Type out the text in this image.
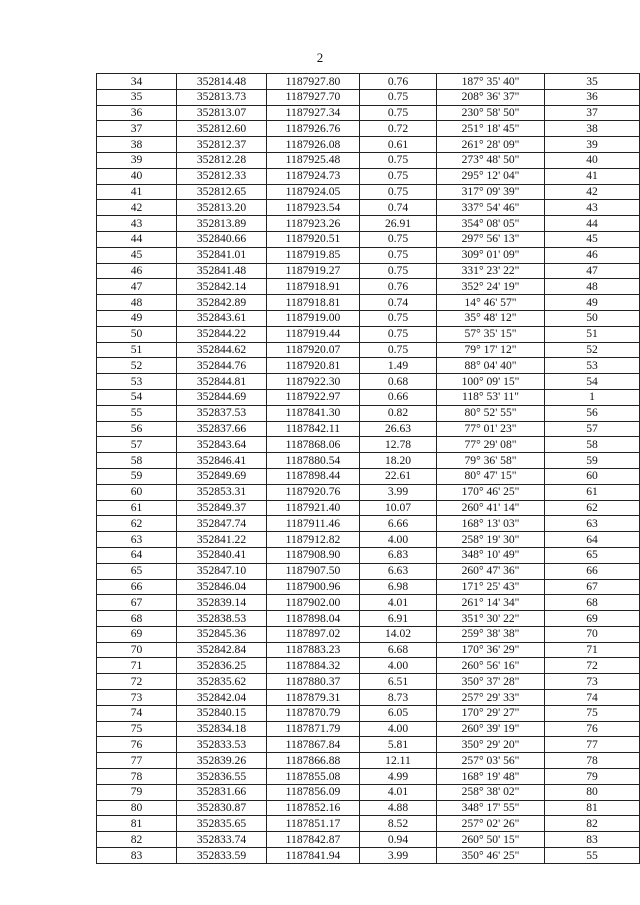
2
34	352814.48	1187927.80	0.76	187° 35' 40"	35
35	352813.73	1187927.70	0.75	208° 36' 37"	36
36	352813.07	1187927.34	0.75	230° 58' 50"	37
37	352812.60	1187926.76	0.72	251° 18' 45"	38
38	352812.37	1187926.08	0.61	261° 28' 09"	39
39	352812.28	1187925.48	0.75	273° 48' 50"	40
40	352812.33	1187924.73	0.75	295° 12' 04"	41
41	352812.65	1187924.05	0.75	317° 09' 39"	42
42	352813.20	1187923.54	0.74	337° 54' 46"	43
43	352813.89	1187923.26	26.91	354° 08' 05"	44
44	352840.66	1187920.51	0.75	297° 56' 13"	45
45	352841.01	1187919.85	0.75	309° 01' 09"	46
46	352841.48	1187919.27	0.75	331° 23' 22"	47
47	352842.14	1187918.91	0.76	352° 24' 19"	48
48	352842.89	1187918.81	0.74	14° 46' 57"	49
49	352843.61	1187919.00	0.75	35° 48' 12"	50
50	352844.22	1187919.44	0.75	57° 35' 15"	51
51	352844.62	1187920.07	0.75	79° 17' 12"	52
52	352844.76	1187920.81	1.49	88° 04' 40"	53
53	352844.81	1187922.30	0.68	100° 09' 15"	54
54	352844.69	1187922.97	0.66	118° 53' 11"	1
55	352837.53	1187841.30	0.82	80° 52' 55"	56
56	352837.66	1187842.11	26.63	77° 01' 23"	57
57	352843.64	1187868.06	12.78	77° 29' 08"	58
58	352846.41	1187880.54	18.20	79° 36' 58"	59
59	352849.69	1187898.44	22.61	80° 47' 15"	60
60	352853.31	1187920.76	3.99	170° 46' 25"	61
61	352849.37	1187921.40	10.07	260° 41' 14"	62
62	352847.74	1187911.46	6.66	168° 13' 03"	63
63	352841.22	1187912.82	4.00	258° 19' 30"	64
64	352840.41	1187908.90	6.83	348° 10' 49"	65
65	352847.10	1187907.50	6.63	260° 47' 36"	66
66	352846.04	1187900.96	6.98	171° 25' 43"	67
67	352839.14	1187902.00	4.01	261° 14' 34"	68
68	352838.53	1187898.04	6.91	351° 30' 22"	69
69	352845.36	1187897.02	14.02	259° 38' 38"	70
70	352842.84	1187883.23	6.68	170° 36' 29"	71
71	352836.25	1187884.32	4.00	260° 56' 16"	72
72	352835.62	1187880.37	6.51	350° 37' 28"	73
73	352842.04	1187879.31	8.73	257° 29' 33"	74
74	352840.15	1187870.79	6.05	170° 29' 27"	75
75	352834.18	1187871.79	4.00	260° 39' 19"	76
76	352833.53	1187867.84	5.81	350° 29' 20"	77
77	352839.26	1187866.88	12.11	257° 03' 56"	78
78	352836.55	1187855.08	4.99	168° 19' 48"	79
79	352831.66	1187856.09	4.01	258° 38' 02"	80
80	352830.87	1187852.16	4.88	348° 17' 55"	81
81	352835.65	1187851.17	8.52	257° 02' 26"	82
82	352833.74	1187842.87	0.94	260° 50' 15"	83
83	352833.59	1187841.94	3.99	350° 46' 25"	55
